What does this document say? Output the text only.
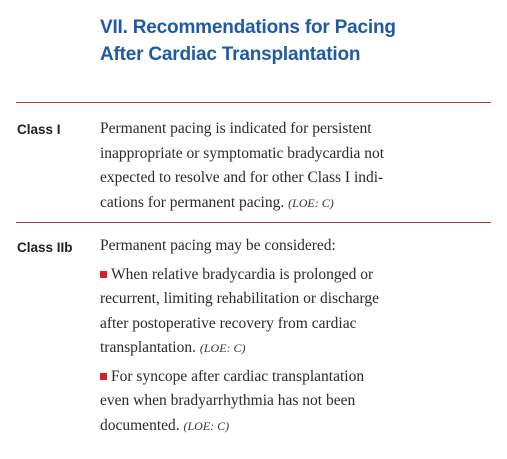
VII. Recommendations for Pacing
After Cardiac Transplantation
Class I	Permanent pacing is indicated for persistent
inappropriate or symptomatic bradycardia not
expected to resolve and for other Class I indi-
cations for permanent pacing. (LOE: C)
Class IIb Permanent pacing may be considered:
When relative bradycardia is prolonged or
recurrent, limiting rehabilitation or discharge
after postoperative recovery from cardiac
transplantation. (LOE: C)
For syncope after cardiac transplantation
even when bradyarrhythmia has not been
documented. (LOE: C)
